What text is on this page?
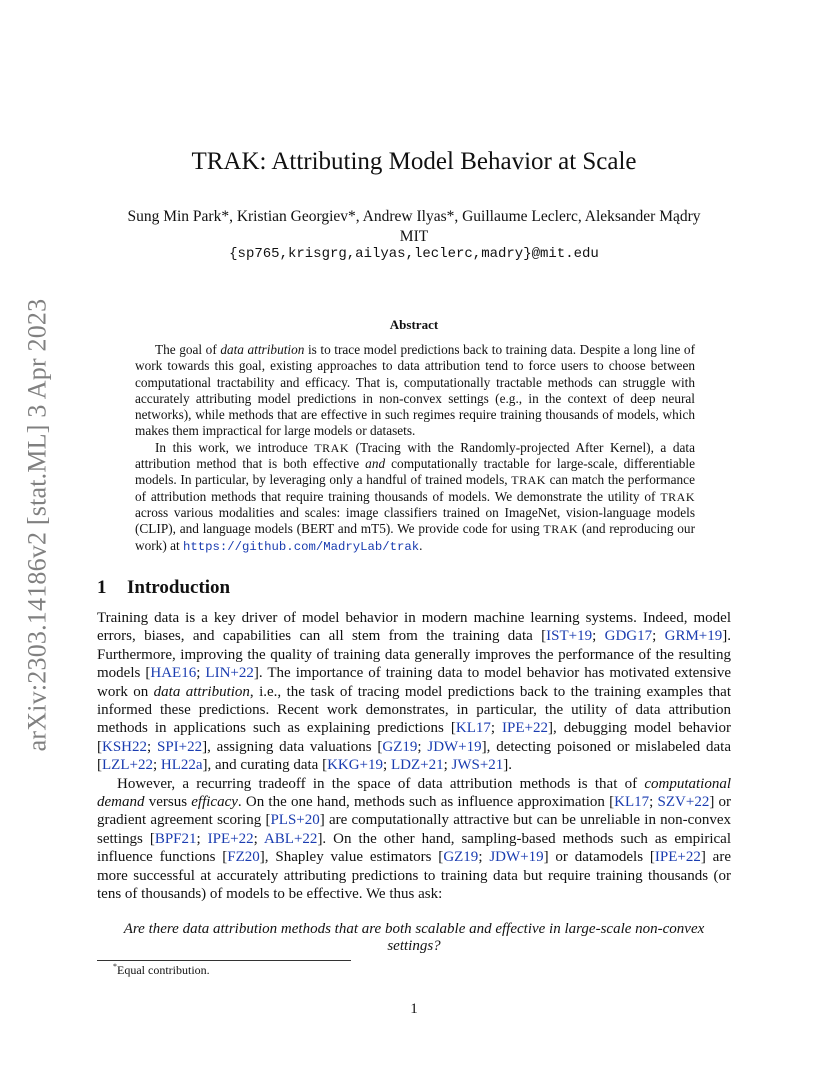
arXiv:2303.14186v2 [stat.ML] 3 Apr 2023
TRAK: Attributing Model Behavior at Scale
Sung Min Park*, Kristian Georgiev*, Andrew Ilyas*, Guillaume Leclerc, Aleksander Mądry
MIT
{sp765,krisgrg,ailyas,leclerc,madry}@mit.edu
Abstract

The goal of data attribution is to trace model predictions back to training data. Despite a long line of work towards this goal, existing approaches to data attribution tend to force users to choose between computational tractability and efficacy. That is, computationally tractable methods can struggle with accurately attributing model predictions in non-convex settings (e.g., in the context of deep neural networks), while methods that are effective in such regimes require training thousands of models, which makes them impractical for large models or datasets.

In this work, we introduce TRAK (Tracing with the Randomly-projected After Kernel), a data attribution method that is both effective and computationally tractable for large-scale, differentiable models. In particular, by leveraging only a handful of trained models, TRAK can match the performance of attribution methods that require training thousands of models. We demonstrate the utility of TRAK across various modalities and scales: image classifiers trained on ImageNet, vision-language models (CLIP), and language models (BERT and mT5). We provide code for using TRAK (and reproducing our work) at https://github.com/MadryLab/trak.

1 Introduction

Training data is a key driver of model behavior in modern machine learning systems. Indeed, model errors, biases, and capabilities can all stem from the training data [IST+19; GDG17; GRM+19]. Furthermore, improving the quality of training data generally improves the performance of the resulting models [HAE16; LIN+22]. The importance of training data to model behavior has motivated extensive work on data attribution, i.e., the task of tracing model predictions back to the training examples that informed these predictions. Recent work demonstrates, in particular, the utility of data attribution methods in applications such as explaining predictions [KL17; IPE+22], debugging model behavior [KSH22; SPI+22], assigning data valuations [GZ19; JDW+19], detecting poisoned or mislabeled data [LZL+22; HL22a], and curating data [KKG+19; LDZ+21; JWS+21].

However, a recurring tradeoff in the space of data attribution methods is that of computational demand versus efficacy. On the one hand, methods such as influence approximation [KL17; SZV+22] or gradient agreement scoring [PLS+20] are computationally attractive but can be unreliable in non-convex settings [BPF21; IPE+22; ABL+22]. On the other hand, sampling-based methods such as empirical influence functions [FZ20], Shapley value estimators [GZ19; JDW+19] or datamodels [IPE+22] are more successful at accurately attributing predictions to training data but require training thousands (or tens of thousands) of models to be effective. We thus ask:

Are there data attribution methods that are both scalable and effective in large-scale non-convex settings?
*Equal contribution.
1
